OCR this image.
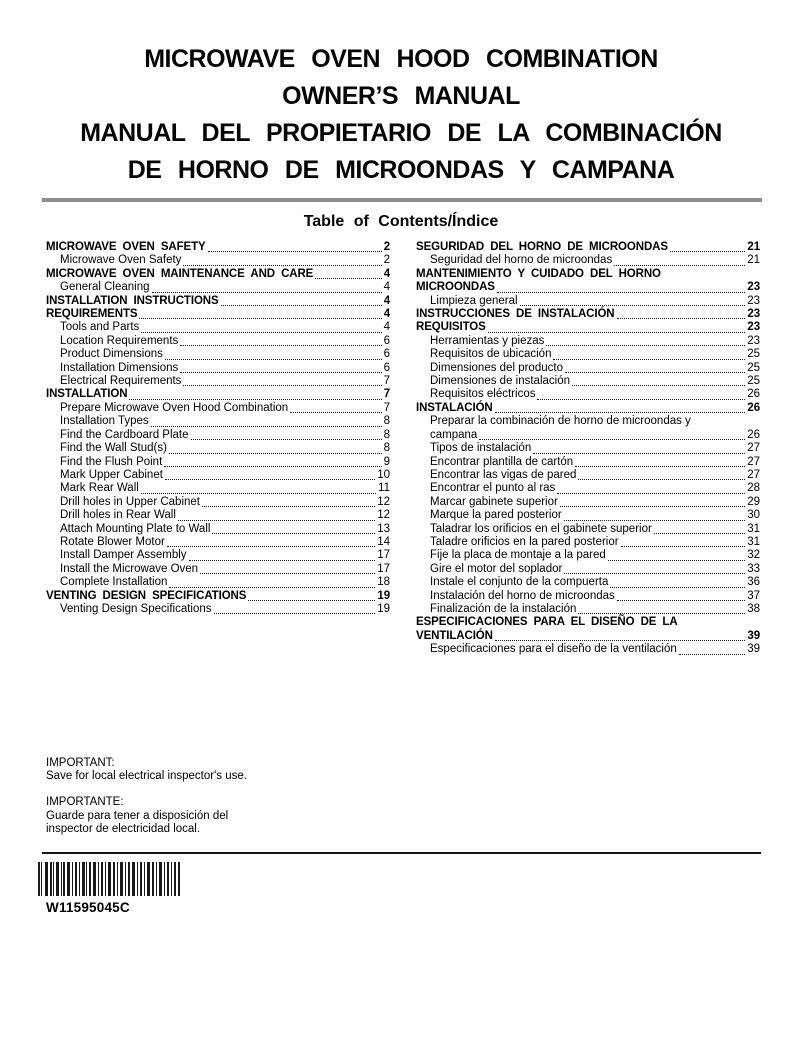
MICROWAVE OVEN HOOD COMBINATION
OWNER’S MANUAL
MANUAL DEL PROPIETARIO DE LA COMBINACIÓN
DE HORNO DE MICROONDAS Y CAMPANA
Table of Contents/Índice
MICROWAVE OVEN SAFETY	2
Microwave Oven Safety	2
MICROWAVE OVEN MAINTENANCE AND CARE	4
General Cleaning	4
INSTALLATION INSTRUCTIONS	4
REQUIREMENTS	4
Tools and Parts	4
Location Requirements	6
Product Dimensions	6
Installation Dimensions	6
Electrical Requirements	7
INSTALLATION	7
Prepare Microwave Oven Hood Combination	7
Installation Types	8
Find the Cardboard Plate	8
Find the Wall Stud(s)	8
Find the Flush Point	9
Mark Upper Cabinet	10
Mark Rear Wall	11
Drill holes in Upper Cabinet	12
Drill holes in Rear Wall	12
Attach Mounting Plate to Wall	13
Rotate Blower Motor	14
Install Damper Assembly	17
Install the Microwave Oven	17
Complete Installation	18
VENTING DESIGN SPECIFICATIONS	19
Venting Design Specifications	19
SEGURIDAD DEL HORNO DE MICROONDAS	21
Seguridad del horno de microondas	21
MANTENIMIENTO Y CUIDADO DEL HORNO
MICROONDAS	23
Limpieza general	23
INSTRUCCIONES DE INSTALACIÓN	23
REQUISITOS	23
Herramientas y piezas	23
Requisitos de ubicación	25
Dimensiones del producto	25
Dimensiones de instalación	25
Requisitos eléctricos	26
INSTALACIÓN	26
Preparar la combinación de horno de microondas y
campana	26
Tipos de instalación	27
Encontrar plantilla de cartón	27
Encontrar las vigas de pared	27
Encontrar el punto al ras	28
Marcar gabinete superior	29
Marque la pared posterior	30
Taladrar los orificios en el gabinete superior	31
Taladre orificios en la pared posterior	31
Fije la placa de montaje a la pared	32
Gire el motor del soplador	33
Instale el conjunto de la compuerta	36
Instalación del horno de microondas	37
Finalización de la instalación	38
ESPECIFICACIONES PARA EL DISEÑO DE LA
VENTILACIÓN	39
Especificaciones para el diseño de la ventilación	39
IMPORTANT:
Save for local electrical inspector's use.
IMPORTANTE:
Guarde para tener a disposición del
inspector de electricidad local.
W11595045C
